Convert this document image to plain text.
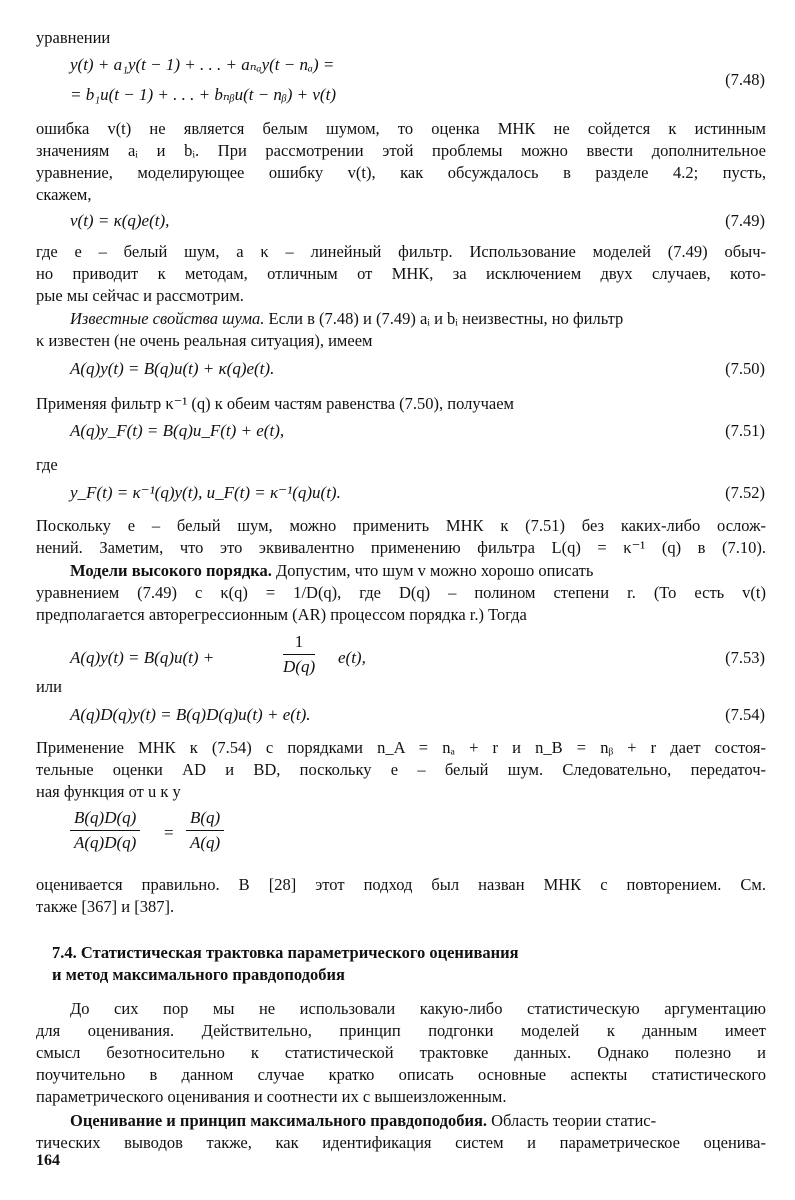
уравнении
y(t) + a₁y(t − 1) + . . . + aₙₐy(t − nₐ) =
= b₁u(t − 1) + . . . + bₙᵦu(t − nᵦ) + v(t)
(7.48)
ошибка v(t) не является белым шумом, то оценка МНК не сойдется к истинным
значениям aᵢ и bᵢ. При рассмотрении этой проблемы можно ввести дополнительное
уравнение, моделирующее ошибку v(t), как обсуждалось в разделе 4.2; пусть,
скажем,
v(t) = κ(q)e(t),	(7.49)
где e – белый шум, а κ – линейный фильтр. Использование моделей (7.49) обыч-
но приводит к методам, отличным от МНК, за исключением двух случаев, кото-
рые мы сейчас и рассмотрим.
Известные свойства шума. Если в (7.48) и (7.49) aᵢ и bᵢ неизвестны, но фильтр
κ известен (не очень реальная ситуация), имеем
A(q)y(t) = B(q)u(t) + κ(q)e(t).	(7.50)
Применяя фильтр κ⁻¹ (q) к обеим частям равенства (7.50), получаем
A(q)y_F(t) = B(q)u_F(t) + e(t),	(7.51)
где
y_F(t) = κ⁻¹(q)y(t), u_F(t) = κ⁻¹(q)u(t).	(7.52)
Поскольку e – белый шум, можно применить МНК к (7.51) без каких-либо ослож-
нений. Заметим, что это эквивалентно применению фильтра L(q) = κ⁻¹ (q) в (7.10).
Модели высокого порядка. Допустим, что шум v можно хорошо описать
уравнением (7.49) с κ(q) = 1/D(q), где D(q) – полином степени r. (То есть v(t)
предполагается авторегрессионным (AR) процессом порядка r.) Тогда
A(q)y(t) = B(q)u(t) +	$\frac{1}{D(q)} e(t)$,	(7.53)
или
A(q)D(q)y(t) = B(q)D(q)u(t) + e(t).	(7.54)
Применение МНК к (7.54) с порядками n_A = nₐ + r и n_B = nᵦ + r дает состоя-
тельные оценки AD и BD, поскольку e – белый шум. Следовательно, передаточ-
ная функция от u к y
$\frac{B(q)D(q)}{A(q)D(q)} = \frac{B(q)}{A(q)}$
оценивается правильно. В [28] этот подход был назван МНК с повторением. См.
также [367] и [387].
7.4. Статистическая трактовка параметрического оценивания
и метод максимального правдоподобия
До сих пор мы не использовали какую-либо статистическую аргументацию
для оценивания. Действительно, принцип подгонки моделей к данным имеет
смысл безотносительно к статистической трактовке данных. Однако полезно и
поучительно в данном случае кратко описать основные аспекты статистического
параметрического оценивания и соотнести их с вышеизложенным.
Оценивание и принцип максимального правдоподобия. Область теории статис-
тических выводов также, как идентификация систем и параметрическое оценива-
164
